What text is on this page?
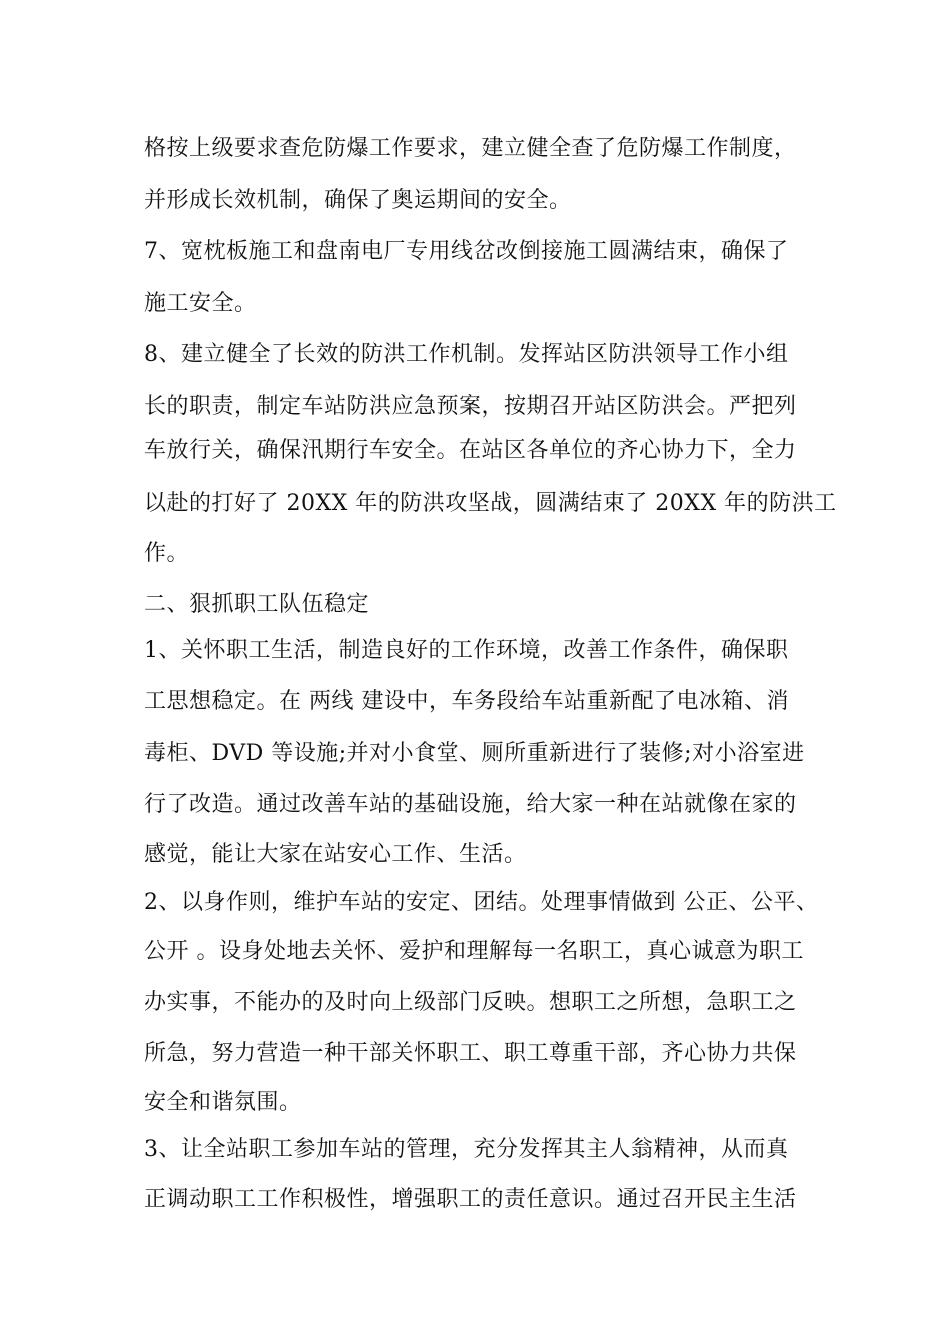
格按上级要求查危防爆工作要求，建立健全查了危防爆工作制度，
并形成长效机制，确保了奥运期间的安全。
7、宽枕板施工和盘南电厂专用线岔改倒接施工圆满结束，确保了
施工安全。
8、建立健全了长效的防洪工作机制。发挥站区防洪领导工作小组
长的职责，制定车站防洪应急预案，按期召开站区防洪会。严把列
车放行关，确保汛期行车安全。在站区各单位的齐心协力下，全力
以赴的打好了 20XX 年的防洪攻坚战，圆满结束了 20XX 年的防洪工
作。
二、狠抓职工队伍稳定
1、关怀职工生活，制造良好的工作环境，改善工作条件，确保职
工思想稳定。在 两线 建设中，车务段给车站重新配了电冰箱、消
毒柜、DVD 等设施;并对小食堂、厕所重新进行了装修;对小浴室进
行了改造。通过改善车站的基础设施，给大家一种在站就像在家的
感觉，能让大家在站安心工作、生活。
2、以身作则，维护车站的安定、团结。处理事情做到 公正、公平、
公开 。设身处地去关怀、爱护和理解每一名职工，真心诚意为职工
办实事，不能办的及时向上级部门反映。想职工之所想，急职工之
所急，努力营造一种干部关怀职工、职工尊重干部，齐心协力共保
安全和谐氛围。
3、让全站职工参加车站的管理，充分发挥其主人翁精神，从而真
正调动职工工作积极性，增强职工的责任意识。通过召开民主生活
